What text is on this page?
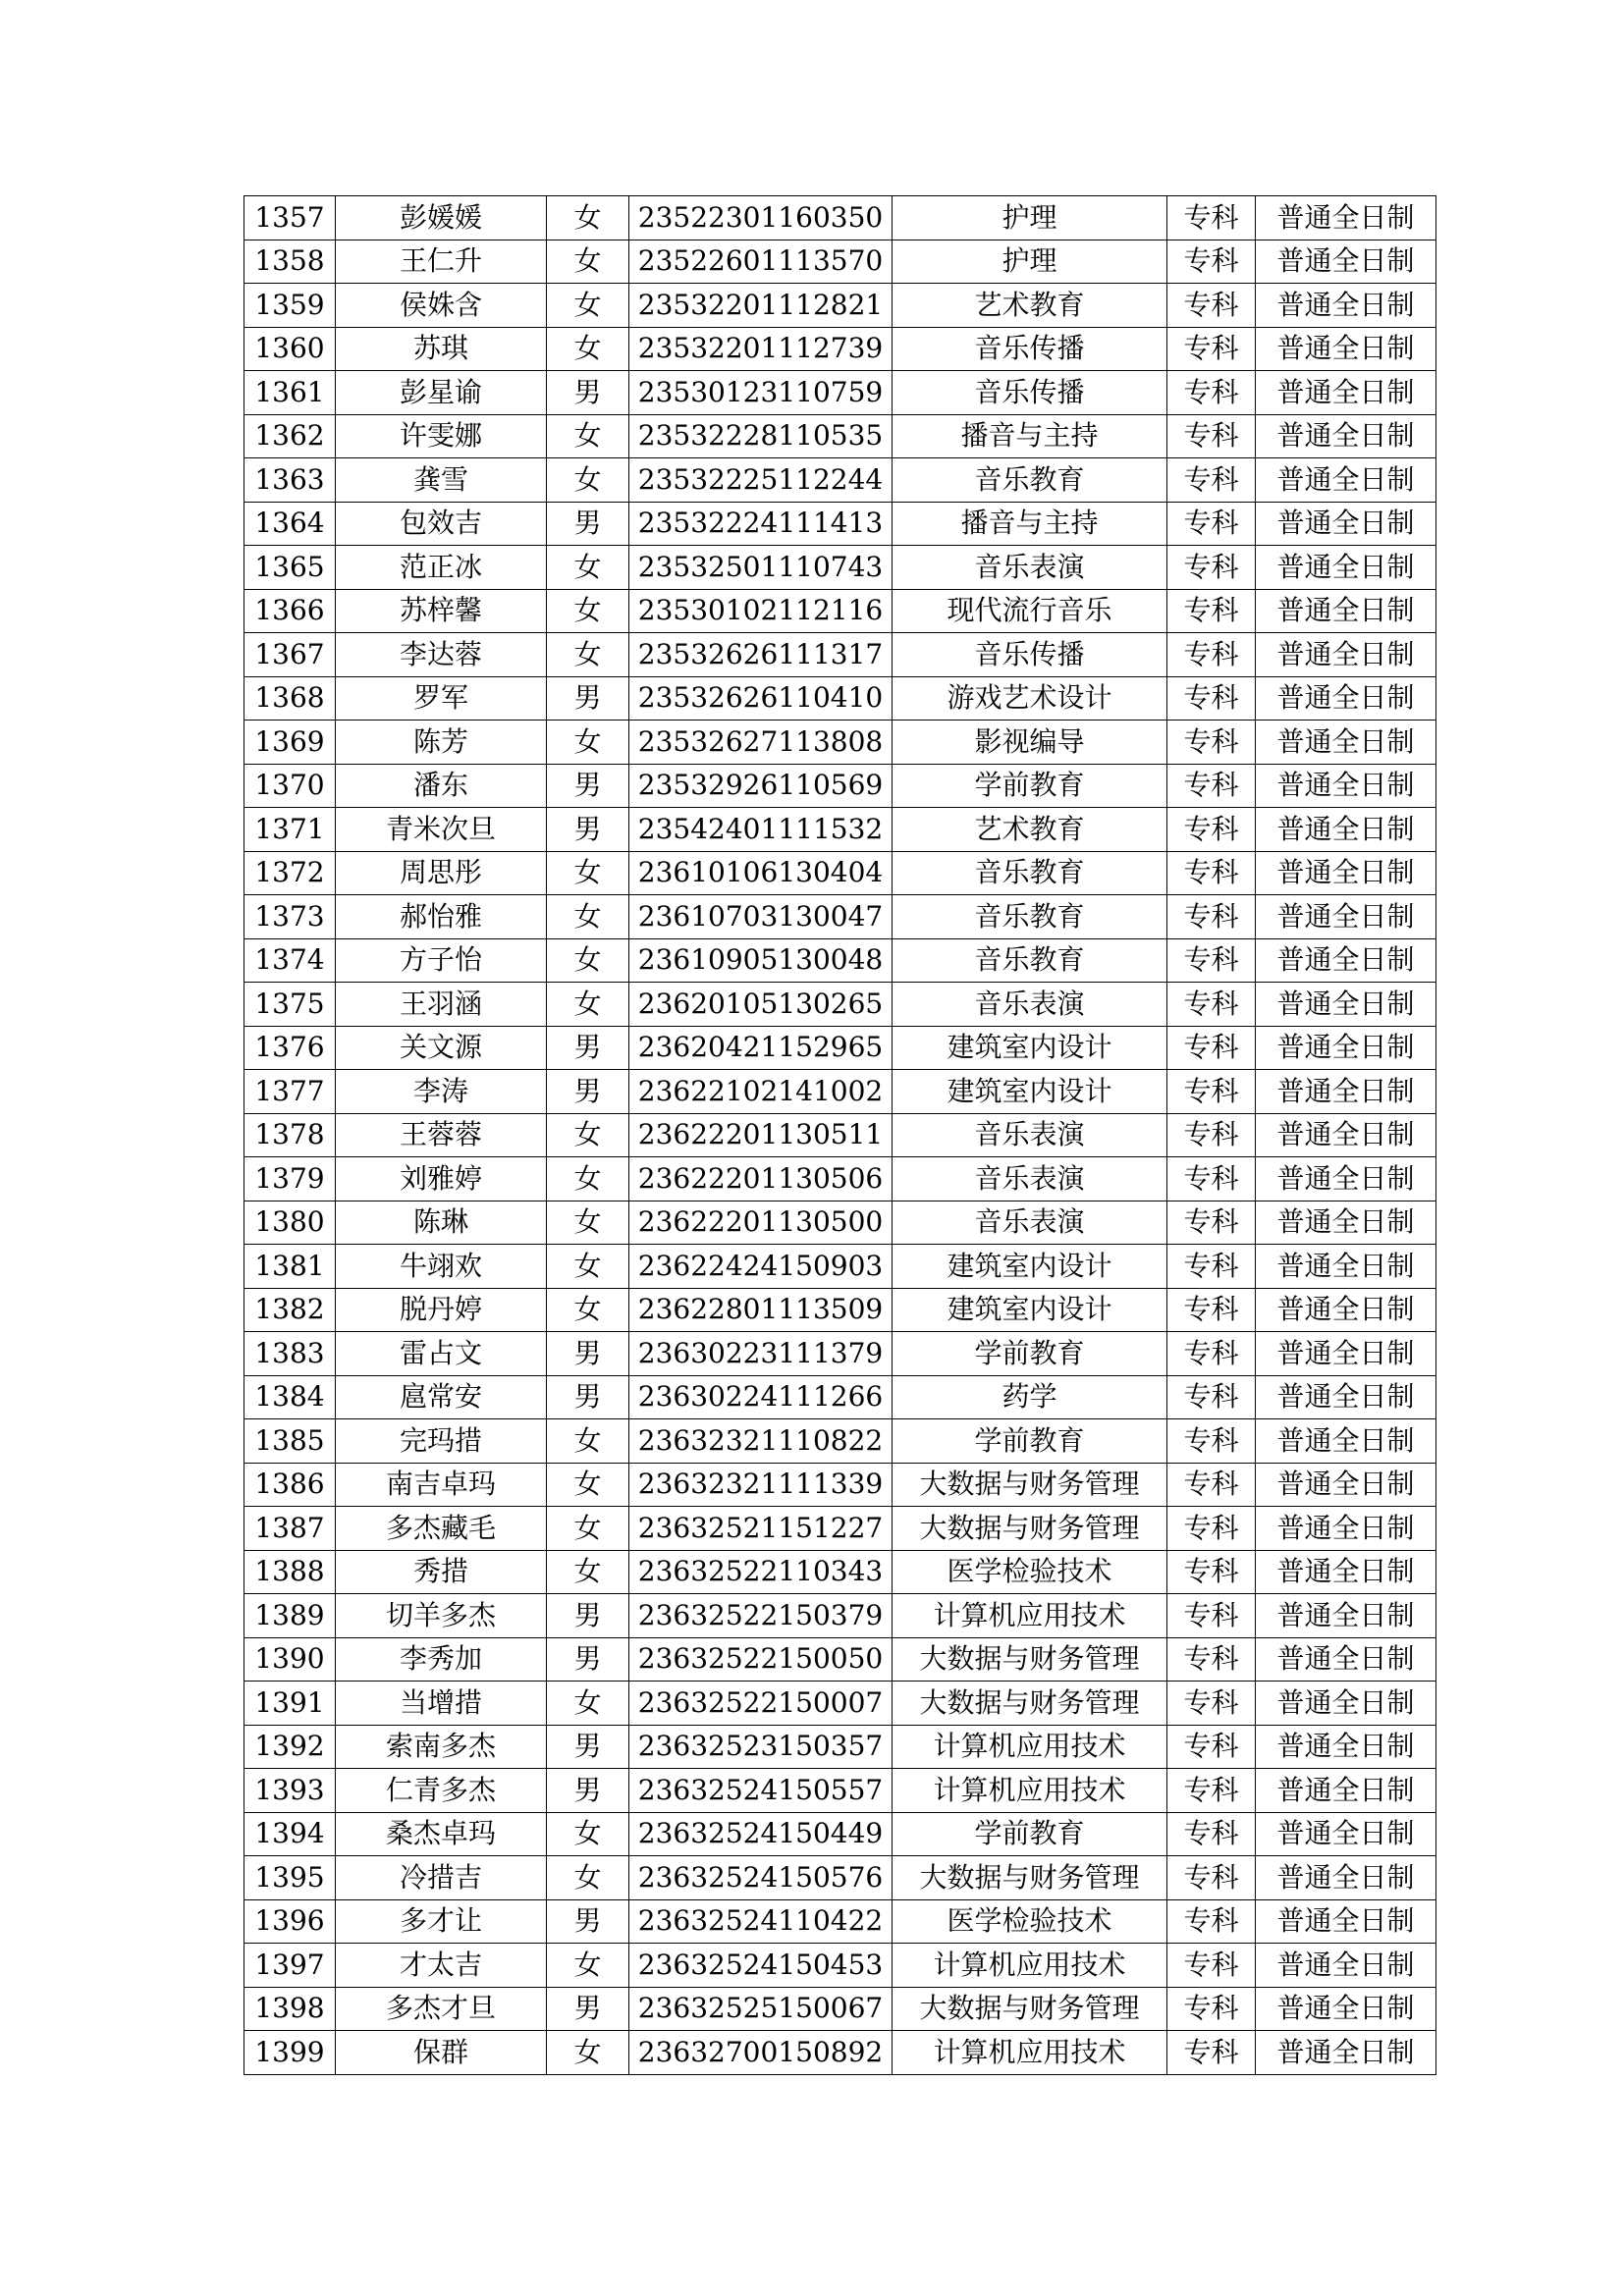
1357	彭媛媛	女	23522301160350	护理	专科	普通全日制
1358	王仁升	女	23522601113570	护理	专科	普通全日制
1359	侯姝含	女	23532201112821	艺术教育	专科	普通全日制
1360	苏琪	女	23532201112739	音乐传播	专科	普通全日制
1361	彭星谕	男	23530123110759	音乐传播	专科	普通全日制
1362	许雯娜	女	23532228110535	播音与主持	专科	普通全日制
1363	龚雪	女	23532225112244	音乐教育	专科	普通全日制
1364	包效吉	男	23532224111413	播音与主持	专科	普通全日制
1365	范正冰	女	23532501110743	音乐表演	专科	普通全日制
1366	苏梓馨	女	23530102112116	现代流行音乐	专科	普通全日制
1367	李达蓉	女	23532626111317	音乐传播	专科	普通全日制
1368	罗军	男	23532626110410	游戏艺术设计	专科	普通全日制
1369	陈芳	女	23532627113808	影视编导	专科	普通全日制
1370	潘东	男	23532926110569	学前教育	专科	普通全日制
1371	青米次旦	男	23542401111532	艺术教育	专科	普通全日制
1372	周思彤	女	23610106130404	音乐教育	专科	普通全日制
1373	郝怡雅	女	23610703130047	音乐教育	专科	普通全日制
1374	方子怡	女	23610905130048	音乐教育	专科	普通全日制
1375	王羽涵	女	23620105130265	音乐表演	专科	普通全日制
1376	关文源	男	23620421152965	建筑室内设计	专科	普通全日制
1377	李涛	男	23622102141002	建筑室内设计	专科	普通全日制
1378	王蓉蓉	女	23622201130511	音乐表演	专科	普通全日制
1379	刘雅婷	女	23622201130506	音乐表演	专科	普通全日制
1380	陈琳	女	23622201130500	音乐表演	专科	普通全日制
1381	牛翊欢	女	23622424150903	建筑室内设计	专科	普通全日制
1382	脱丹婷	女	23622801113509	建筑室内设计	专科	普通全日制
1383	雷占文	男	23630223111379	学前教育	专科	普通全日制
1384	扈常安	男	23630224111266	药学	专科	普通全日制
1385	完玛措	女	23632321110822	学前教育	专科	普通全日制
1386	南吉卓玛	女	23632321111339	大数据与财务管理	专科	普通全日制
1387	多杰藏毛	女	23632521151227	大数据与财务管理	专科	普通全日制
1388	秀措	女	23632522110343	医学检验技术	专科	普通全日制
1389	切羊多杰	男	23632522150379	计算机应用技术	专科	普通全日制
1390	李秀加	男	23632522150050	大数据与财务管理	专科	普通全日制
1391	当增措	女	23632522150007	大数据与财务管理	专科	普通全日制
1392	索南多杰	男	23632523150357	计算机应用技术	专科	普通全日制
1393	仁青多杰	男	23632524150557	计算机应用技术	专科	普通全日制
1394	桑杰卓玛	女	23632524150449	学前教育	专科	普通全日制
1395	冷措吉	女	23632524150576	大数据与财务管理	专科	普通全日制
1396	多才让	男	23632524110422	医学检验技术	专科	普通全日制
1397	才太吉	女	23632524150453	计算机应用技术	专科	普通全日制
1398	多杰才旦	男	23632525150067	大数据与财务管理	专科	普通全日制
1399	保群	女	23632700150892	计算机应用技术	专科	普通全日制
